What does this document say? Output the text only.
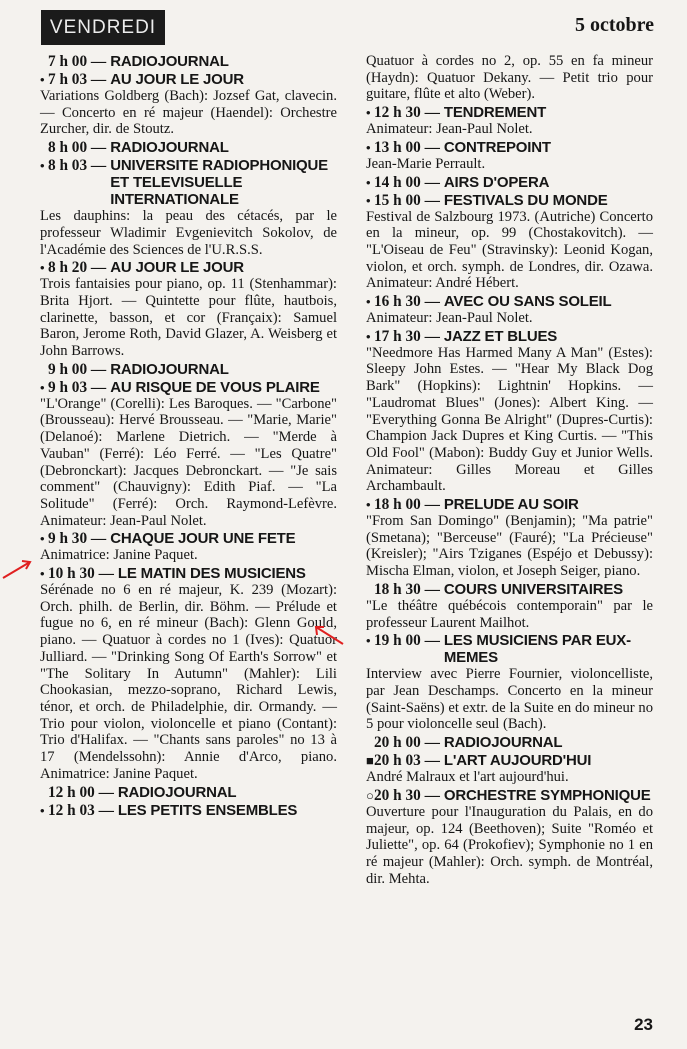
VENDREDI	5 octobre
7 h 00 — RADIOJOURNAL
• 7 h 03 — AU JOUR LE JOUR

Variations Goldberg (Bach): Jozsef Gat, clavecin. — Concerto en ré majeur (Haendel): Orchestre Zurcher, dir. de Stoutz.

8 h 00 — RADIOJOURNAL
• 8 h 03 — UNIVERSITE RADIOPHONIQUE ET TELEVISUELLE INTERNATIONALE

Les dauphins: la peau des cétacés, par le professeur Wladimir Evgenievitch Sokolov, de l'Académie des Sciences de l'U.R.S.S.

• 8 h 20 — AU JOUR LE JOUR

Trois fantaisies pour piano, op. 11 (Stenhammar): Brita Hjort. — Quintette pour flûte, hautbois, clarinette, basson, et cor (Françaix): Samuel Baron, Jerome Roth, David Glazer, A. Weisberg et John Barrows.

9 h 00 — RADIOJOURNAL
• 9 h 03 — AU RISQUE DE VOUS PLAIRE

"L'Orange" (Corelli): Les Baroques. — "Carbone" (Brousseau): Hervé Brousseau. — "Marie, Marie" (Delanoé): Marlene Dietrich. — "Merde à Vauban" (Ferré): Léo Ferré. — "Les Quatre" (Debronckart): Jacques Debronckart. — "Je sais comment" (Chauvigny): Edith Piaf. — "La Solitude" (Ferré): Orch. Raymond-Lefèvre. Animateur: Jean-Paul Nolet.

• 9 h 30 — CHAQUE JOUR UNE FETE

Animatrice: Janine Paquet.

• 10 h 30 — LE MATIN DES MUSICIENS

Sérénade no 6 en ré majeur, K. 239 (Mozart): Orch. philh. de Berlin, dir. Böhm. — Prélude et fugue no 6, en ré mineur (Bach): Glenn Gould, piano. — Quatuor à cordes no 1 (Ives): Quatuor Julliard. — "Drinking Song Of Earth's Sorrow" et "The Solitary In Autumn" (Mahler): Lili Chookasian, mezzo-soprano, Richard Lewis, ténor, et orch. de Philadelphie, dir. Ormandy. — Trio pour violon, violoncelle et piano (Contant): Trio d'Halifax. — "Chants sans paroles" no 13 à 17 (Mendelssohn): Annie d'Arco, piano. Animatrice: Janine Paquet.

12 h 00 — RADIOJOURNAL
• 12 h 03 — LES PETITS ENSEMBLES

Quatuor à cordes no 2, op. 55 en fa mineur (Haydn): Quatuor Dekany. — Petit trio pour guitare, flûte et alto (Weber).

• 12 h 30 — TENDREMENT

Animateur: Jean-Paul Nolet.

• 13 h 00 — CONTREPOINT

Jean-Marie Perrault.

• 14 h 00 — AIRS D'OPERA
• 15 h 00 — FESTIVALS DU MONDE

Festival de Salzbourg 1973. (Autriche) Concerto en la mineur, op. 99 (Chostakovitch). — "L'Oiseau de Feu" (Stravinsky): Leonid Kogan, violon, et orch. symph. de Londres, dir. Ozawa. Animateur: André Hébert.

• 16 h 30 — AVEC OU SANS SOLEIL

Animateur: Jean-Paul Nolet.

• 17 h 30 — JAZZ ET BLUES

"Needmore Has Harmed Many A Man" (Estes): Sleepy John Estes. — "Hear My Black Dog Bark" (Hopkins): Lightnin' Hopkins. — "Laudromat Blues" (Jones): Albert King. — "Everything Gonna Be Alright" (Dupres-Curtis): Champion Jack Dupres et King Curtis. — "This Old Fool" (Mabon): Buddy Guy et Junior Wells. Animateur: Gilles Moreau et Gilles Archambault.

• 18 h 00 — PRELUDE AU SOIR

"From San Domingo" (Benjamin); "Ma patrie" (Smetana); "Berceuse" (Fauré); "La Précieuse" (Kreisler); "Airs Tziganes (Espéjo et Debussy): Mischa Elman, violon, et Joseph Seiger, piano.

18 h 30 — COURS UNIVERSITAIRES

"Le théâtre québécois contemporain" par le professeur Laurent Mailhot.

• 19 h 00 — LES MUSICIENS PAR EUX-MEMES

Interview avec Pierre Fournier, violoncelliste, par Jean Deschamps. Concerto en la mineur (Saint-Saëns) et extr. de la Suite en do mineur no 5 pour violoncelle seul (Bach).

20 h 00 — RADIOJOURNAL
■ 20 h 03 — L'ART AUJOURD'HUI

André Malraux et l'art aujourd'hui.

○ 20 h 30 — ORCHESTRE SYMPHONIQUE

Ouverture pour l'Inauguration du Palais, en do majeur, op. 124 (Beethoven); Suite "Roméo et Juliette", op. 64 (Prokofiev); Symphonie no 1 en ré majeur (Mahler): Orch. symph. de Montréal, dir. Mehta.

23
